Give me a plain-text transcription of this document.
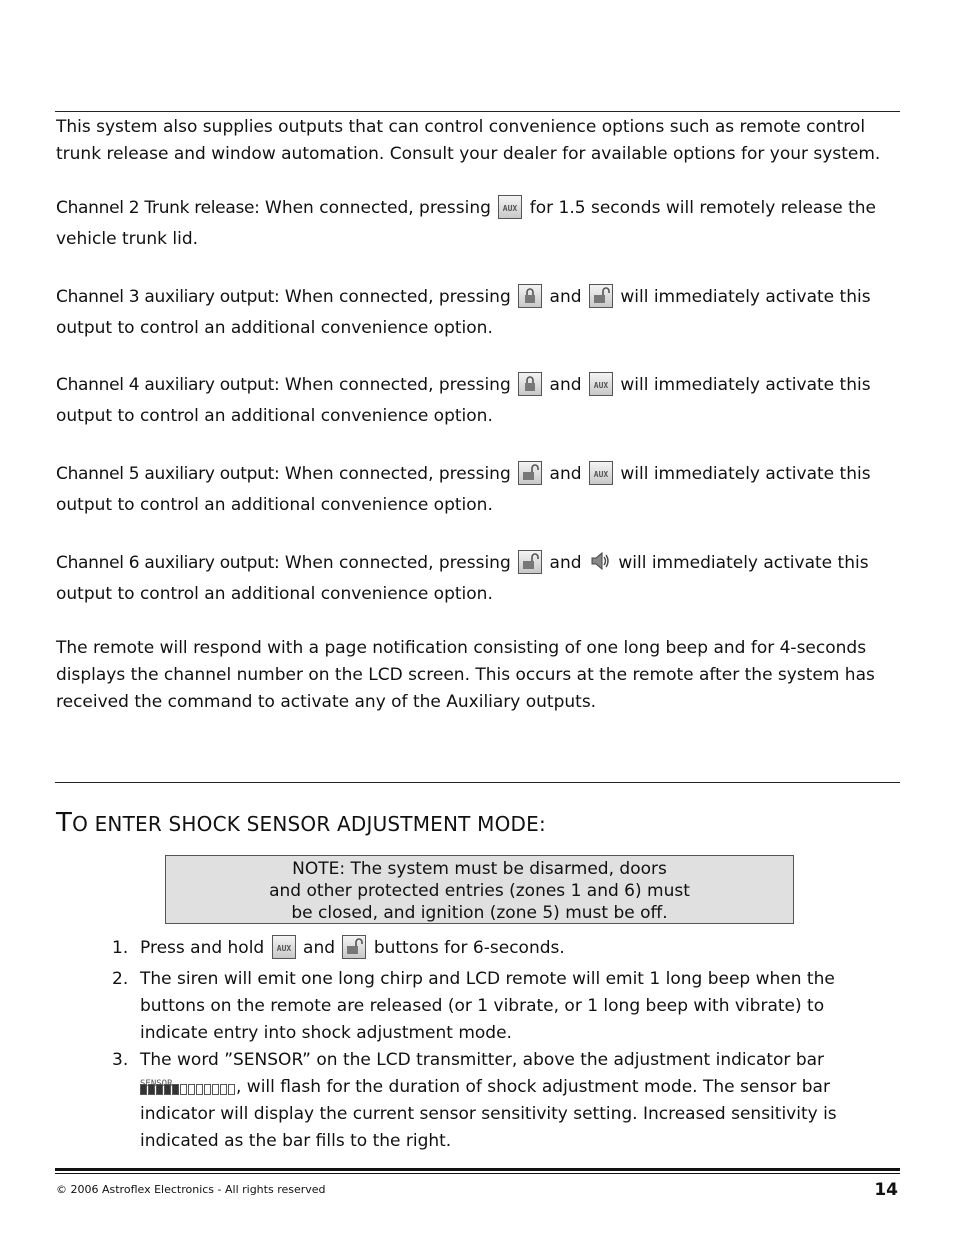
This system also supplies outputs that can control convenience options such as remote control trunk release and window automation. Consult your dealer for available options for your system.

Channel 2 Trunk release: When connected, pressing AUX for 1.5 seconds will remotely release the vehicle trunk lid.

Channel 3 auxiliary output: When connected, pressing
and
will immediately activate this output to control an additional convenience option.

Channel 4 auxiliary output: When connected, pressing
and AUX will immediately activate this output to control an additional convenience option.

Channel 5 auxiliary output: When connected, pressing
and AUX will immediately activate this output to control an additional convenience option.

Channel 6 auxiliary output: When connected, pressing
and
will immediately activate this output to control an additional convenience option.

The remote will respond with a page notification consisting of one long beep and for 4-seconds displays the channel number on the LCD screen. This occurs at the remote after the system has received the command to activate any of the Auxiliary outputs.

TO ENTER SHOCK SENSOR ADJUSTMENT MODE:
NOTE: The system must be disarmed, doors
and other protected entries (zones 1 and 6) must
be closed, and ignition (zone 5) must be off.
1. Press and hold AUX and
buttons for 6-seconds.
2. The siren will emit one long chirp and LCD remote will emit 1 long beep when the buttons on the remote are released (or 1 vibrate, or 1 long beep with vibrate) to indicate entry into shock adjustment mode.
3. The word ”SENSOR” on the LCD transmitter, above the adjustment indicator bar
, will flash for the duration of shock adjustment mode. The sensor bar indicator will display the current sensor sensitivity setting. Increased sensitivity is indicated as the bar fills to the right.
© 2006 Astroflex Electronics - All rights reserved	14
